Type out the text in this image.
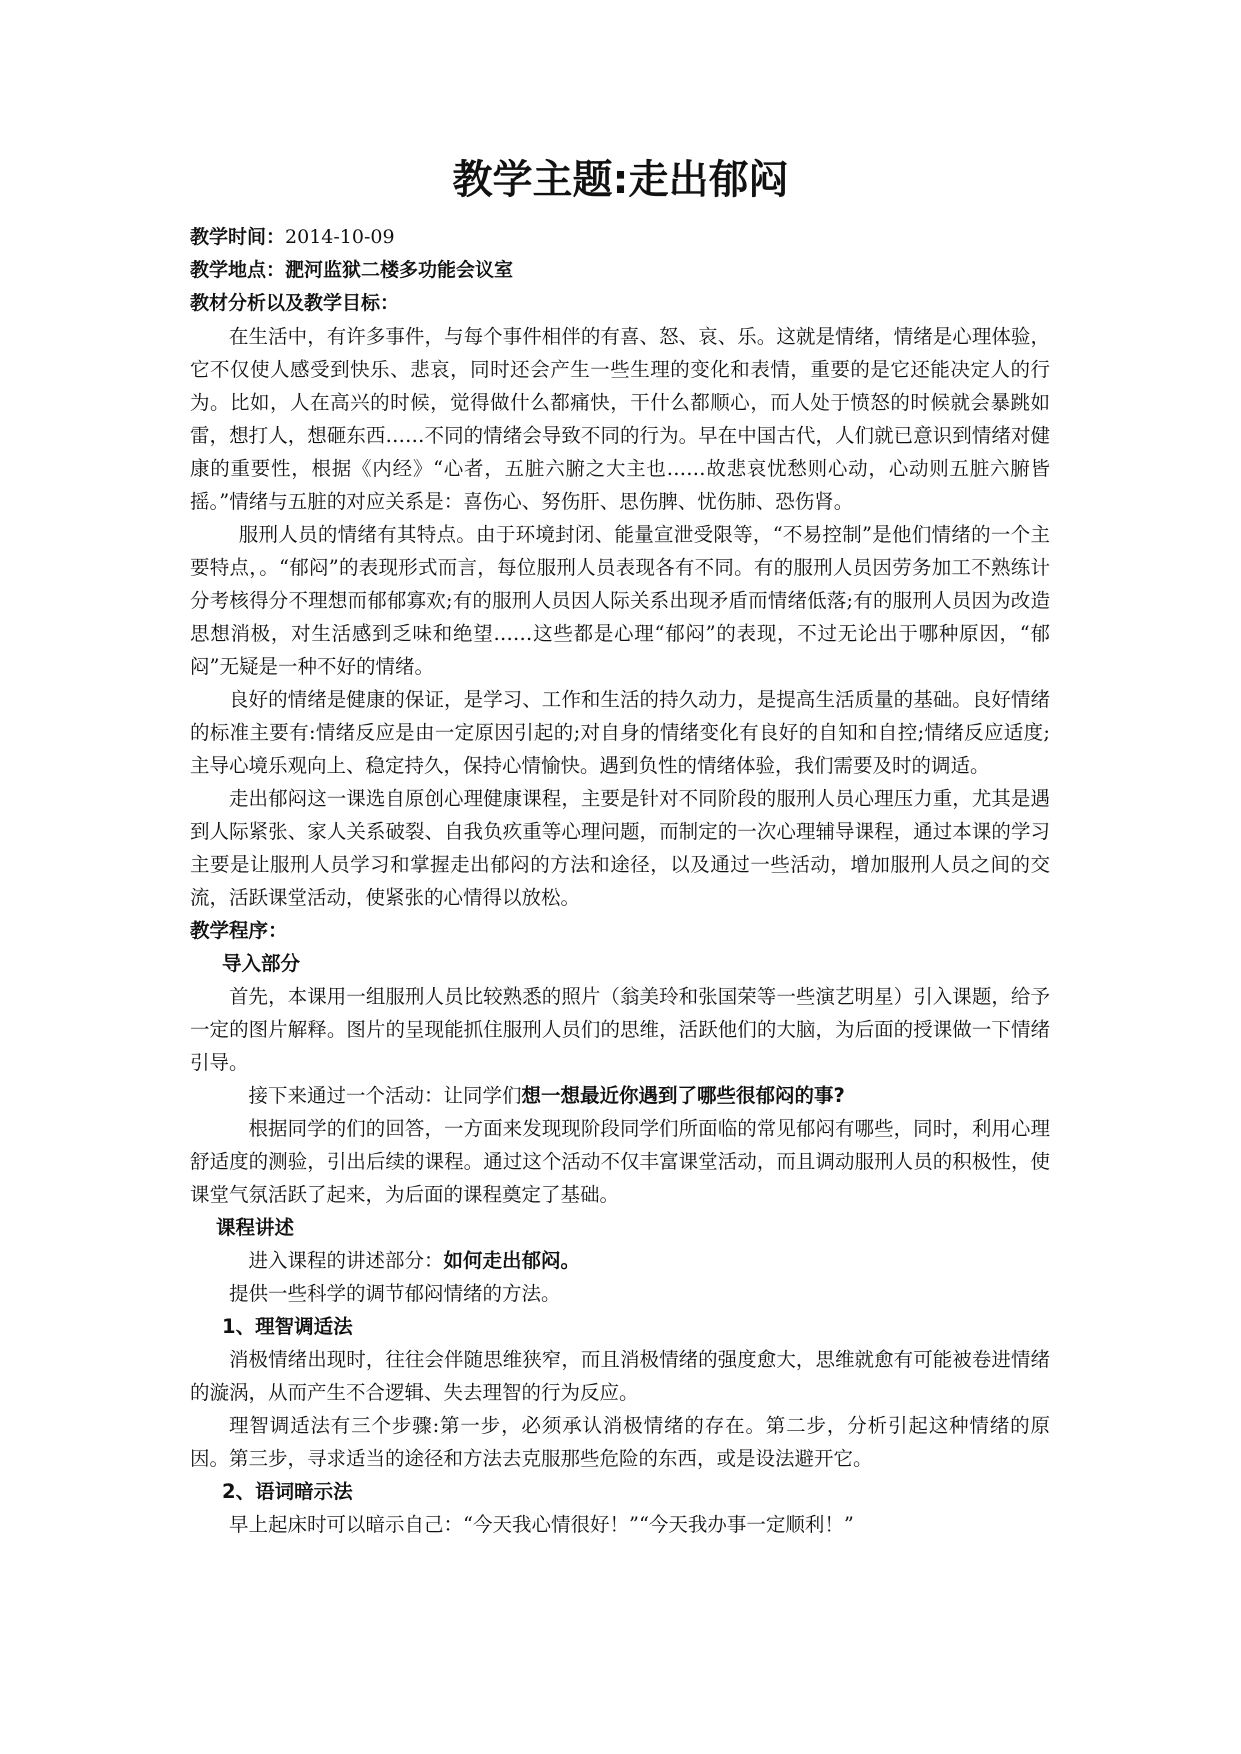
教学主题:走出郁闷

教学时间：2014-10-09

教学地点：淝河监狱二楼多功能会议室

教材分析以及教学目标：

在生活中，有许多事件，与每个事件相伴的有喜、怒、哀、乐。这就是情绪，情绪是心理体验，它不仅使人感受到快乐、悲哀，同时还会产生一些生理的变化和表情，重要的是它还能决定人的行为。比如，人在高兴的时候，觉得做什么都痛快，干什么都顺心，而人处于愤怒的时候就会暴跳如雷，想打人，想砸东西……不同的情绪会导致不同的行为。早在中国古代，人们就已意识到情绪对健康的重要性，根据《内经》“心者，五脏六腑之大主也……故悲哀忧愁则心动，心动则五脏六腑皆摇。”情绪与五脏的对应关系是：喜伤心、努伤肝、思伤脾、忧伤肺、恐伤肾。

服刑人员的情绪有其特点。由于环境封闭、能量宣泄受限等，“不易控制”是他们情绪的一个主要特点，。“郁闷”的表现形式而言，每位服刑人员表现各有不同。有的服刑人员因劳务加工不熟练计分考核得分不理想而郁郁寡欢;有的服刑人员因人际关系出现矛盾而情绪低落;有的服刑人员因为改造思想消极，对生活感到乏味和绝望……这些都是心理“郁闷”的表现，不过无论出于哪种原因，“郁闷”无疑是一种不好的情绪。

良好的情绪是健康的保证，是学习、工作和生活的持久动力，是提高生活质量的基础。良好情绪的标准主要有:情绪反应是由一定原因引起的;对自身的情绪变化有良好的自知和自控;情绪反应适度;主导心境乐观向上、稳定持久，保持心情愉快。遇到负性的情绪体验，我们需要及时的调适。

走出郁闷这一课选自原创心理健康课程，主要是针对不同阶段的服刑人员心理压力重，尤其是遇到人际紧张、家人关系破裂、自我负疚重等心理问题，而制定的一次心理辅导课程，通过本课的学习主要是让服刑人员学习和掌握走出郁闷的方法和途径，以及通过一些活动，增加服刑人员之间的交流，活跃课堂活动，使紧张的心情得以放松。

教学程序：

导入部分

首先，本课用一组服刑人员比较熟悉的照片（翁美玲和张国荣等一些演艺明星）引入课题，给予一定的图片解释。图片的呈现能抓住服刑人员们的思维，活跃他们的大脑，为后面的授课做一下情绪引导。

接下来通过一个活动：让同学们想一想最近你遇到了哪些很郁闷的事?

根据同学的们的回答，一方面来发现现阶段同学们所面临的常见郁闷有哪些，同时，利用心理舒适度的测验，引出后续的课程。通过这个活动不仅丰富课堂活动，而且调动服刑人员的积极性，使课堂气氛活跃了起来，为后面的课程奠定了基础。

课程讲述

进入课程的讲述部分：如何走出郁闷。

提供一些科学的调节郁闷情绪的方法。

1、理智调适法

消极情绪出现时，往往会伴随思维狭窄，而且消极情绪的强度愈大，思维就愈有可能被卷进情绪的漩涡，从而产生不合逻辑、失去理智的行为反应。

理智调适法有三个步骤:第一步，必须承认消极情绪的存在。第二步，分析引起这种情绪的原因。第三步，寻求适当的途径和方法去克服那些危险的东西，或是设法避开它。

2、语词暗示法

早上起床时可以暗示自己：“今天我心情很好！”“今天我办事一定顺利！”
